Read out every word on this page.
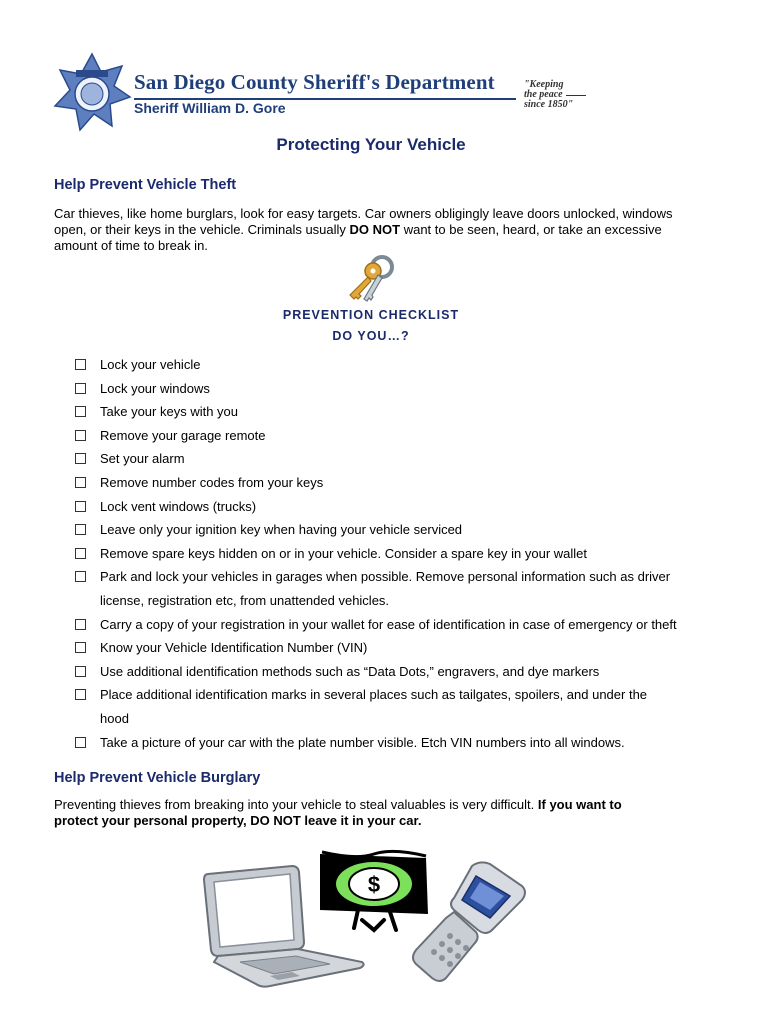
San Diego County Sheriff's Department
Sheriff William D. Gore
"Keeping
the peace
since 1850"
Protecting Your Vehicle
Help Prevent Vehicle Theft
Car thieves, like home burglars, look for easy targets. Car owners obligingly leave doors unlocked, windows
open, or their keys in the vehicle. Criminals usually DO NOT want to be seen, heard, or take an excessive
amount of time to break in.
PREVENTION CHECKLIST
DO YOU…?
Lock your vehicle
Lock your windows
Take your keys with you
Remove your garage remote
Set your alarm
Remove number codes from your keys
Lock vent windows (trucks)
Leave only your ignition key when having your vehicle serviced
Remove spare keys hidden on or in your vehicle. Consider a spare key in your wallet
Park and lock your vehicles in garages when possible. Remove personal information such as driver
license, registration etc, from unattended vehicles.
Carry a copy of your registration in your wallet for ease of identification in case of emergency or theft
Know your Vehicle Identification Number (VIN)
Use additional identification methods such as “Data Dots,” engravers, and dye markers
Place additional identification marks in several places such as tailgates, spoilers, and under the
hood
Take a picture of your car with the plate number visible. Etch VIN numbers into all windows.
Help Prevent Vehicle Burglary
Preventing thieves from breaking into your vehicle to steal valuables is very difficult. If you want to
protect your personal property, DO NOT leave it in your car.
$
